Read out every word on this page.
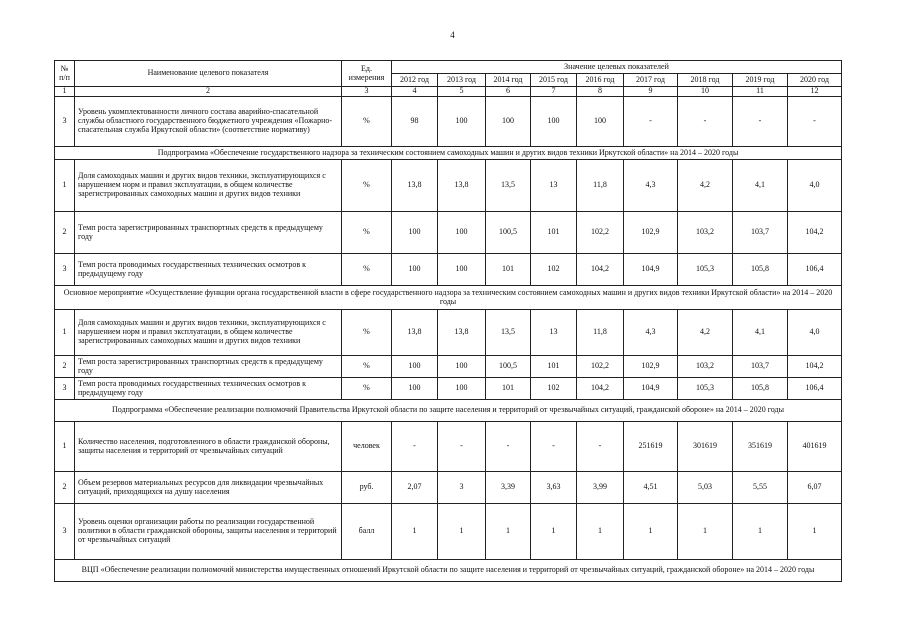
4
№ п/п	Наименование целевого показателя	Ед. измерения	Значение целевых показателей								
			2012 год	2013 год	2014 год	2015 год	2016 год	2017 год	2018 год	2019 год	2020 год
1	2	3	4	5	6	7	8	9	10	11	12
3	Уровень укомплектованности личного состава аварийно-спасательной службы областного государственного бюджетного учреждения «Пожарно-спасательная служба Иркутской области» (соответствие нормативу)	%	98	100	100	100	100	-	-	-	-
Подпрограмма «Обеспечение государственного надзора за техническим состоянием самоходных машин и других видов техники Иркутской области» на 2014 – 2020 годы											
1	Доля самоходных машин и других видов техники, эксплуатирующихся с нарушением норм и правил эксплуатации, в общем количестве зарегистрированных самоходных машин и других видов техники	%	13,8	13,8	13,5	13	11,8	4,3	4,2	4,1	4,0
2	Темп роста зарегистрированных транспортных средств к предыдущему году	%	100	100	100,5	101	102,2	102,9	103,2	103,7	104,2
3	Темп роста проводимых государственных технических осмотров к предыдущему году	%	100	100	101	102	104,2	104,9	105,3	105,8	106,4
Основное мероприятие «Осуществление функции органа государственной власти в сфере государственного надзора за техническим состоянием самоходных машин и других видов техники Иркутской области» на 2014 – 2020 годы											
1	Доля самоходных машин и других видов техники, эксплуатирующихся с нарушением норм и правил эксплуатации, в общем количестве зарегистрированных самоходных машин и других видов техники	%	13,8	13,8	13,5	13	11,8	4,3	4,2	4,1	4,0
2	Темп роста зарегистрированных транспортных средств к предыдущему году	%	100	100	100,5	101	102,2	102,9	103,2	103,7	104,2
3	Темп роста проводимых государственных технических осмотров к предыдущему году	%	100	100	101	102	104,2	104,9	105,3	105,8	106,4
Подпрограмма «Обеспечение реализации полномочий Правительства Иркутской области по защите населения и территорий от чрезвычайных ситуаций, гражданской обороне» на 2014 – 2020 годы											
1	Количество населения, подготовленного в области гражданской обороны, защиты населения и территорий от чрезвычайных ситуаций	человек	-	-	-	-	-	251619	301619	351619	401619
2	Объем резервов материальных ресурсов для ликвидации чрезвычайных ситуаций, приходящихся на душу населения	руб.	2,07	3	3,39	3,63	3,99	4,51	5,03	5,55	6,07
3	Уровень оценки организации работы по реализации государственной политики в области гражданской обороны, защиты населения и территорий от чрезвычайных ситуаций	балл	1	1	1	1	1	1	1	1	1
ВЦП «Обеспечение реализации полномочий министерства имущественных отношений Иркутской области по защите населения и территорий от чрезвычайных ситуаций, гражданской обороне» на 2014 – 2020 годы											
